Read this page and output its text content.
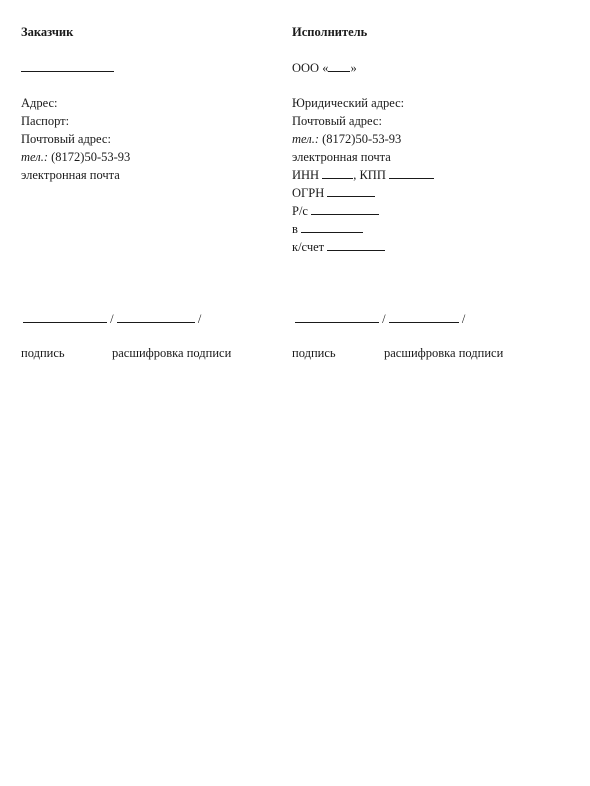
Заказчик
Адрес:
Паспорт:
Почтовый адрес:
тел.: (8172)50-53-93
электронная почта
/	/
подпись	расшифровка подписи
Исполнитель
ООО « »
Юридический адрес:
Почтовый адрес:
тел.: (8172)50-53-93
электронная почта
ИНН	, КПП
ОГРН
Р/с
в
к/счет
/	/
подпись	расшифровка подписи
